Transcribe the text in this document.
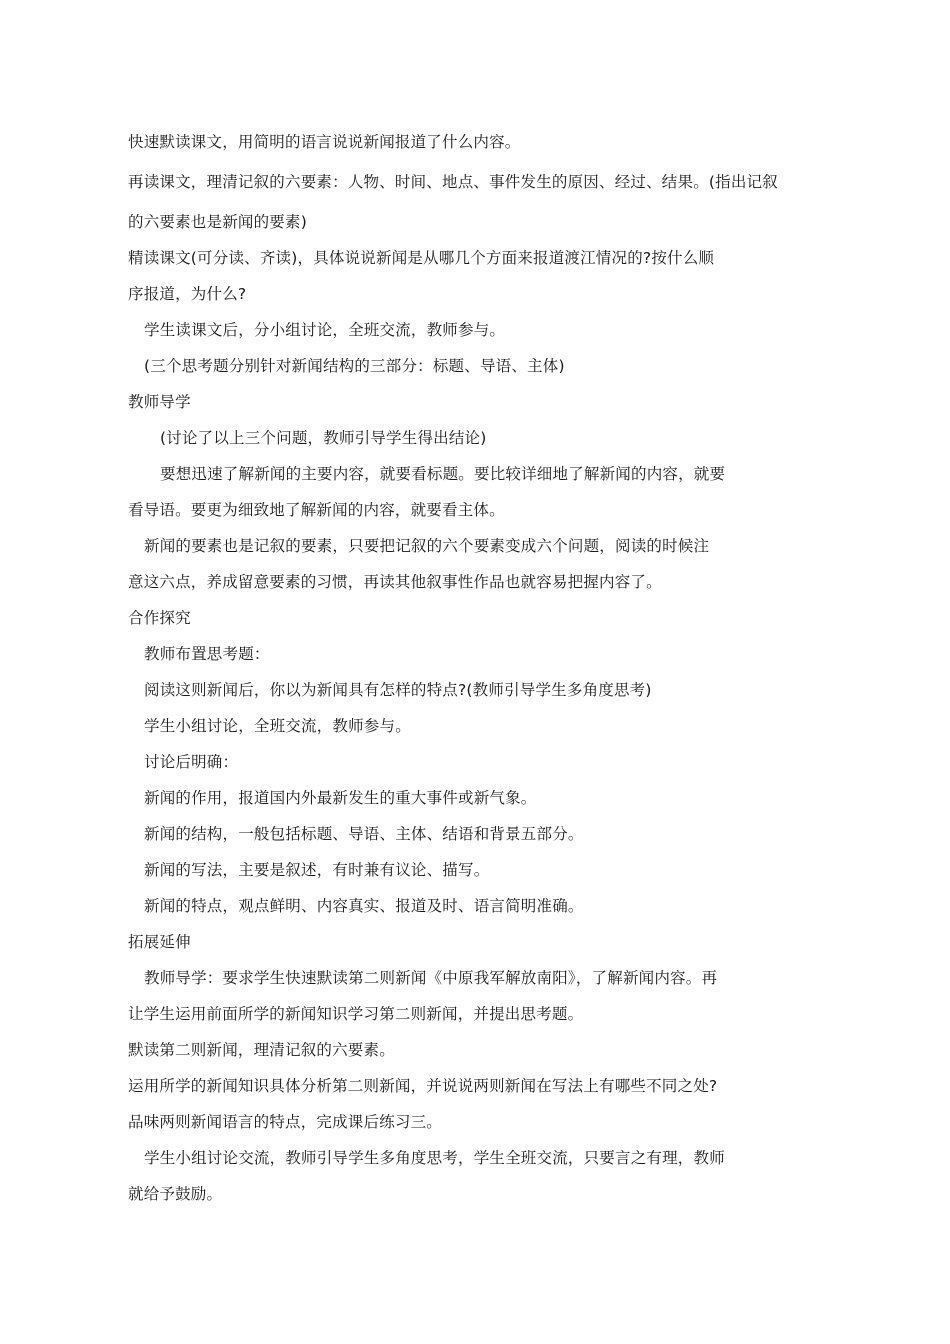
快速默读课文，用简明的语言说说新闻报道了什么内容。
再读课文，理清记叙的六要素：人物、时间、地点、事件发生的原因、经过、结果。(指出记叙
的六要素也是新闻的要素)
精读课文(可分读、齐读)，具体说说新闻是从哪几个方面来报道渡江情况的?按什么顺
序报道，为什么?
学生读课文后，分小组讨论，全班交流，教师参与。
(三个思考题分别针对新闻结构的三部分：标题、导语、主体)
教师导学
(讨论了以上三个问题，教师引导学生得出结论)
要想迅速了解新闻的主要内容，就要看标题。要比较详细地了解新闻的内容，就要
看导语。要更为细致地了解新闻的内容，就要看主体。
新闻的要素也是记叙的要素，只要把记叙的六个要素变成六个问题，阅读的时候注
意这六点，养成留意要素的习惯，再读其他叙事性作品也就容易把握内容了。
合作探究
教师布置思考题：
阅读这则新闻后，你以为新闻具有怎样的特点?(教师引导学生多角度思考)
学生小组讨论，全班交流，教师参与。
讨论后明确：
新闻的作用，报道国内外最新发生的重大事件或新气象。
新闻的结构，一般包括标题、导语、主体、结语和背景五部分。
新闻的写法，主要是叙述，有时兼有议论、描写。
新闻的特点，观点鲜明、内容真实、报道及时、语言简明准确。
拓展延伸
教师导学：要求学生快速默读第二则新闻《中原我军解放南阳》，了解新闻内容。再
让学生运用前面所学的新闻知识学习第二则新闻，并提出思考题。
默读第二则新闻，理清记叙的六要素。
运用所学的新闻知识具体分析第二则新闻，并说说两则新闻在写法上有哪些不同之处?
品味两则新闻语言的特点，完成课后练习三。
学生小组讨论交流，教师引导学生多角度思考，学生全班交流，只要言之有理，教师
就给予鼓励。
